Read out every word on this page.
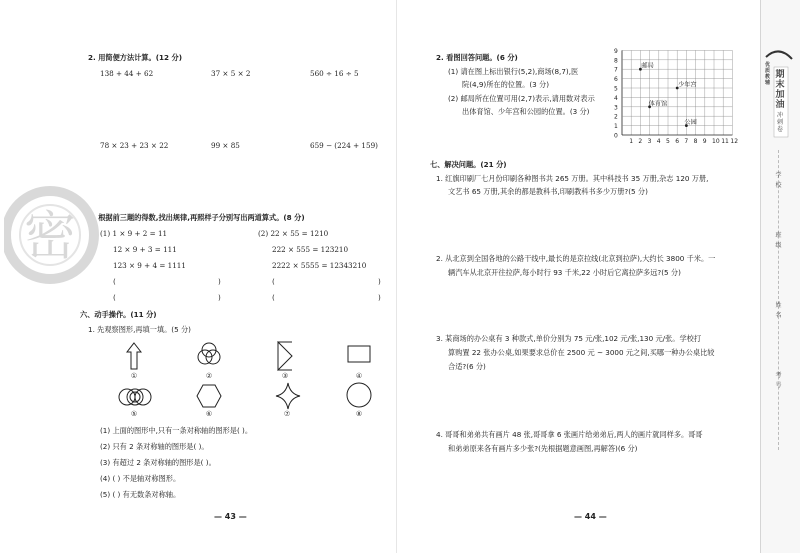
2. 用简便方法计算。(12 分)
138 + 44 + 62	37 × 5 × 2	560 ÷ 16 ÷ 5
78 × 23 + 23 × 22	99 × 85	659 − (224 + 159)
3. 根据前三题的得数,找出规律,再照样子分别写出两道算式。(8 分)
(1) 1 × 9 + 2 = 11
12 × 9 + 3 = 111
123 × 9 + 4 = 1111
(2) 22 × 55 = 1210
222 × 555 = 123210
2222 × 5555 = 12343210
(	)
(	)
(	)
(	)
六、动手操作。(11 分)
1. 先观察图形,再填一填。(5 分)
①	②	③	④
⑤	⑥	⑦	⑧
(1) 上面的图形中,只有一条对称轴的图形是( )。
(2) 只有 2 条对称轴的图形是( )。
(3) 有超过 2 条对称轴的图形是( )。
(4) ( ) 不是轴对称图形。
(5) ( ) 有无数条对称轴。
— 43 —
密
2. 看图回答问题。(6 分)
(1) 请在图上标出银行(5,2),商场(8,7),医
院(4,9)所在的位置。(3 分)
(2) 邮局所在位置可用(2,7)表示,请用数对表示
出体育馆、少年宫和公园的位置。(3 分)
9
8
7
6
5
4
3
2
1
0
1 2 3 4 5 6 7 8 9 10 11 12
邮局
少年宫
体育馆
公园
七、解决问题。(21 分)
1. 红旗印刷厂七月份印刷各种图书共 265 万册。其中科技书 35 万册,杂志 120 万册,
文艺书 65 万册,其余的都是教科书,印刷教科书多少万册?(5 分)
2. 从北京到全国各地的公路干线中,最长的是京拉线(北京到拉萨),大约长 3800 千米。一
辆汽车从北京开往拉萨,每小时行 93 千米,22 小时后它离拉萨多远?(5 分)
3. 某商场的办公桌有 3 种款式,单价分别为 75 元/张,102 元/张,130 元/张。学校打
算购置 22 张办公桌,如果要求总价在 2500 元 ~ 3000 元之间,买哪一种办公桌比较
合适?(6 分)
4. 哥哥和弟弟共有画片 48 张,哥哥拿 6 张画片给弟弟后,两人的画片就同样多。哥哥
和弟弟原来各有画片多少张?(先根据题意画图,再解答)(6 分)
— 44 —
优质教辅
期末加油
冲刺卷
学
校
班
级
姓
名
考
号
